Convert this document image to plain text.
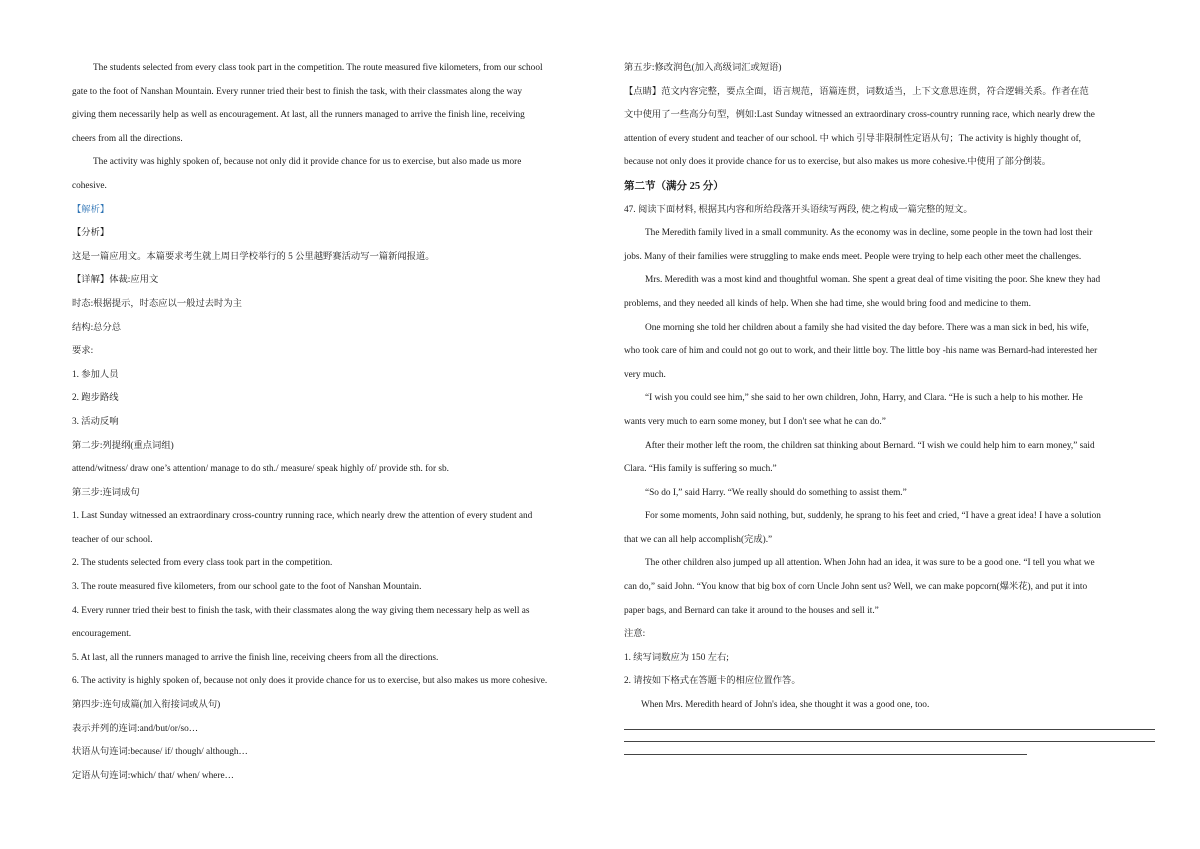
The students selected from every class took part in the competition. The route measured five kilometers, from our school
gate to the foot of Nanshan Mountain. Every runner tried their best to finish the task, with their classmates along the way
giving them necessarily help as well as encouragement. At last, all the runners managed to arrive the finish line, receiving
cheers from all the directions.
The activity was highly spoken of, because not only did it provide chance for us to exercise, but also made us more
cohesive.
【解析】
【分析】
这是一篇应用文。本篇要求考生就上周日学校举行的 5 公里越野赛活动写一篇新闻报道。
【详解】体裁:应用文
时态:根据提示，时态应以一般过去时为主
结构:总分总
要求:
1. 参加人员
2. 跑步路线
3. 活动反响
第二步:列提纲(重点词组)
attend/witness/ draw one’s attention/ manage to do sth./ measure/ speak highly of/ provide sth. for sb.
第三步:连词成句
1. Last Sunday witnessed an extraordinary cross-country running race, which nearly drew the attention of every student and
teacher of our school.
2. The students selected from every class took part in the competition.
3. The route measured five kilometers, from our school gate to the foot of Nanshan Mountain.
4. Every runner tried their best to finish the task, with their classmates along the way giving them necessary help as well as
encouragement.
5. At last, all the runners managed to arrive the finish line, receiving cheers from all the directions.
6. The activity is highly spoken of, because not only does it provide chance for us to exercise, but also makes us more cohesive.
第四步:连句成篇(加入衔接词或从句)
表示并列的连词:and/but/or/so…
状语从句连词:because/ if/ though/ although…
定语从句连词:which/ that/ when/ where…
第五步:修改润色(加入高级词汇或短语)
【点睛】范文内容完整，要点全面，语言规范，语篇连贯，词数适当，上下文意思连贯，符合逻辑关系。作者在范
文中使用了一些高分句型，例如:Last Sunday witnessed an extraordinary cross-country running race, which nearly drew the
attention of every student and teacher of our school. 中 which 引导非限制性定语从句；The activity is highly thought of,
because not only does it provide chance for us to exercise, but also makes us more cohesive.中使用了部分倒装。
第二节（满分 25 分）
47. 阅读下面材料, 根据其内容和所给段落开头语续写两段, 使之构成一篇完整的短文。
The Meredith family lived in a small community. As the economy was in decline, some people in the town had lost their
jobs. Many of their families were struggling to make ends meet. People were trying to help each other meet the challenges.
Mrs. Meredith was a most kind and thoughtful woman. She spent a great deal of time visiting the poor. She knew they had
problems, and they needed all kinds of help. When she had time, she would bring food and medicine to them.
One morning she told her children about a family she had visited the day before. There was a man sick in bed, his wife,
who took care of him and could not go out to work, and their little boy. The little boy -his name was Bernard-had interested her
very much.
“I wish you could see him,” she said to her own children, John, Harry, and Clara. “He is such a help to his mother. He
wants very much to earn some money, but I don't see what he can do.”
After their mother left the room, the children sat thinking about Bernard. “I wish we could help him to earn money,” said
Clara. “His family is suffering so much.”
“So do I,” said Harry. “We really should do something to assist them.”
For some moments, John said nothing, but, suddenly, he sprang to his feet and cried, “I have a great idea! I have a solution
that we can all help accomplish(完成).”
The other children also jumped up all attention. When John had an idea, it was sure to be a good one. “I tell you what we
can do,” said John. “You know that big box of corn Uncle John sent us? Well, we can make popcorn(爆米花), and put it into
paper bags, and Bernard can take it around to the houses and sell it.”
注意:
1. 续写词数应为 150 左右;
2. 请按如下格式在答题卡的相应位置作答。
When Mrs. Meredith heard of John's idea, she thought it was a good one, too.
